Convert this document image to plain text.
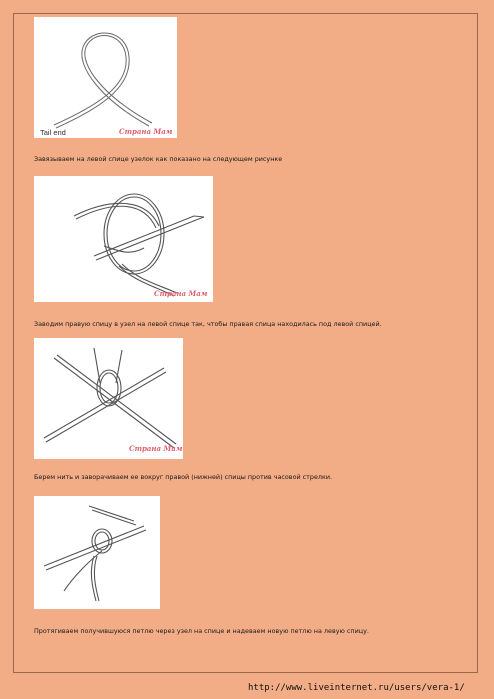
Tail end	Страна Мам
Завязываем на левой спице узелок как показано на следующем рисунке
Страна Мам
Заводим правую спицу в узел на левой спице так, чтобы правая спица находилась под левой спицей.
Страна Мам
Берем нить и заворачиваем ее вокруг правой (нижней) спицы против часовой стрелки.
Протягиваем получившуюся петлю через узел на спице и надеваем новую петлю на левую спицу.
http://www.liveinternet.ru/users/vera-1/
